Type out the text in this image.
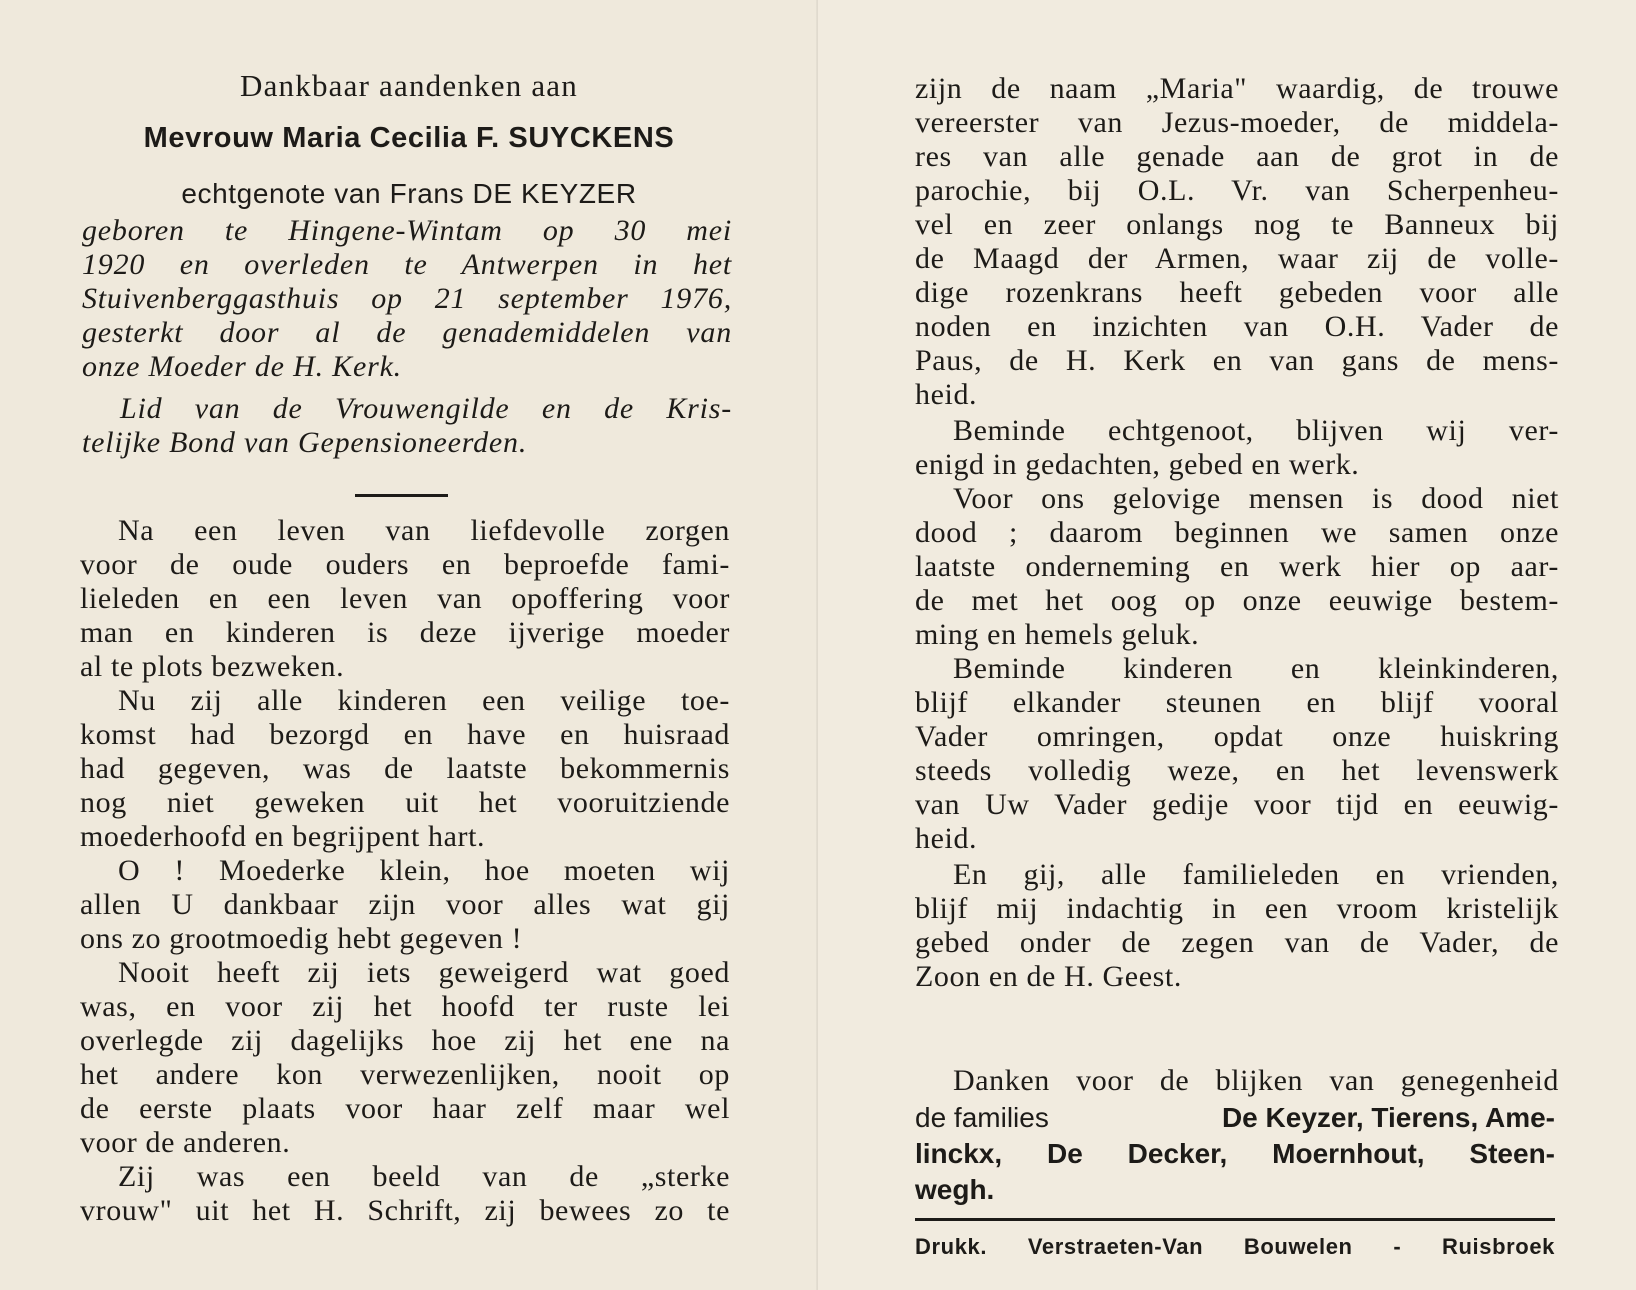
Dankbaar aandenken aan
Mevrouw Maria Cecilia F. SUYCKENS
echtgenote van Frans DE KEYZER
geboren te Hingene-Wintam op 30 mei
1920 en overleden te Antwerpen in het
Stuivenberggasthuis op 21 september 1976,
gesterkt door al de genademiddelen van
onze Moeder de H. Kerk.
Lid van de Vrouwengilde en de Kris-
telijke Bond van Gepensioneerden.
Na een leven van liefdevolle zorgen
voor de oude ouders en beproefde fami-
lieleden en een leven van opoffering voor
man en kinderen is deze ijverige moeder
al te plots bezweken.
Nu zij alle kinderen een veilige toe-
komst had bezorgd en have en huisraad
had gegeven, was de laatste bekommernis
nog niet geweken uit het vooruitziende
moederhoofd en begrijpent hart.
O ! Moederke klein, hoe moeten wij
allen U dankbaar zijn voor alles wat gij
ons zo grootmoedig hebt gegeven !
Nooit heeft zij iets geweigerd wat goed
was, en voor zij het hoofd ter ruste lei
overlegde zij dagelijks hoe zij het ene na
het andere kon verwezenlijken, nooit op
de eerste plaats voor haar zelf maar wel
voor de anderen.
Zij was een beeld van de „sterke
vrouw" uit het H. Schrift, zij bewees zo te
zijn de naam „Maria" waardig, de trouwe
vereerster van Jezus-moeder, de middela-
res van alle genade aan de grot in de
parochie, bij O.L. Vr. van Scherpenheu-
vel en zeer onlangs nog te Banneux bij
de Maagd der Armen, waar zij de volle-
dige rozenkrans heeft gebeden voor alle
noden en inzichten van O.H. Vader de
Paus, de H. Kerk en van gans de mens-
heid.
Beminde echtgenoot, blijven wij ver-
enigd in gedachten, gebed en werk.
Voor ons gelovige mensen is dood niet
dood ; daarom beginnen we samen onze
laatste onderneming en werk hier op aar-
de met het oog op onze eeuwige bestem-
ming en hemels geluk.
Beminde kinderen en kleinkinderen,
blijf elkander steunen en blijf vooral
Vader omringen, opdat onze huiskring
steeds volledig weze, en het levenswerk
van Uw Vader gedije voor tijd en eeuwig-
heid.
En gij, alle familieleden en vrienden,
blijf mij indachtig in een vroom kristelijk
gebed onder de zegen van de Vader, de
Zoon en de H. Geest.
Danken voor de blijken van genegenheid
de families	De Keyzer, Tierens, Ame-
linckx, De Decker, Moernhout, Steen-
wegh.
Drukk. Verstraeten-Van Bouwelen - Ruisbroek
